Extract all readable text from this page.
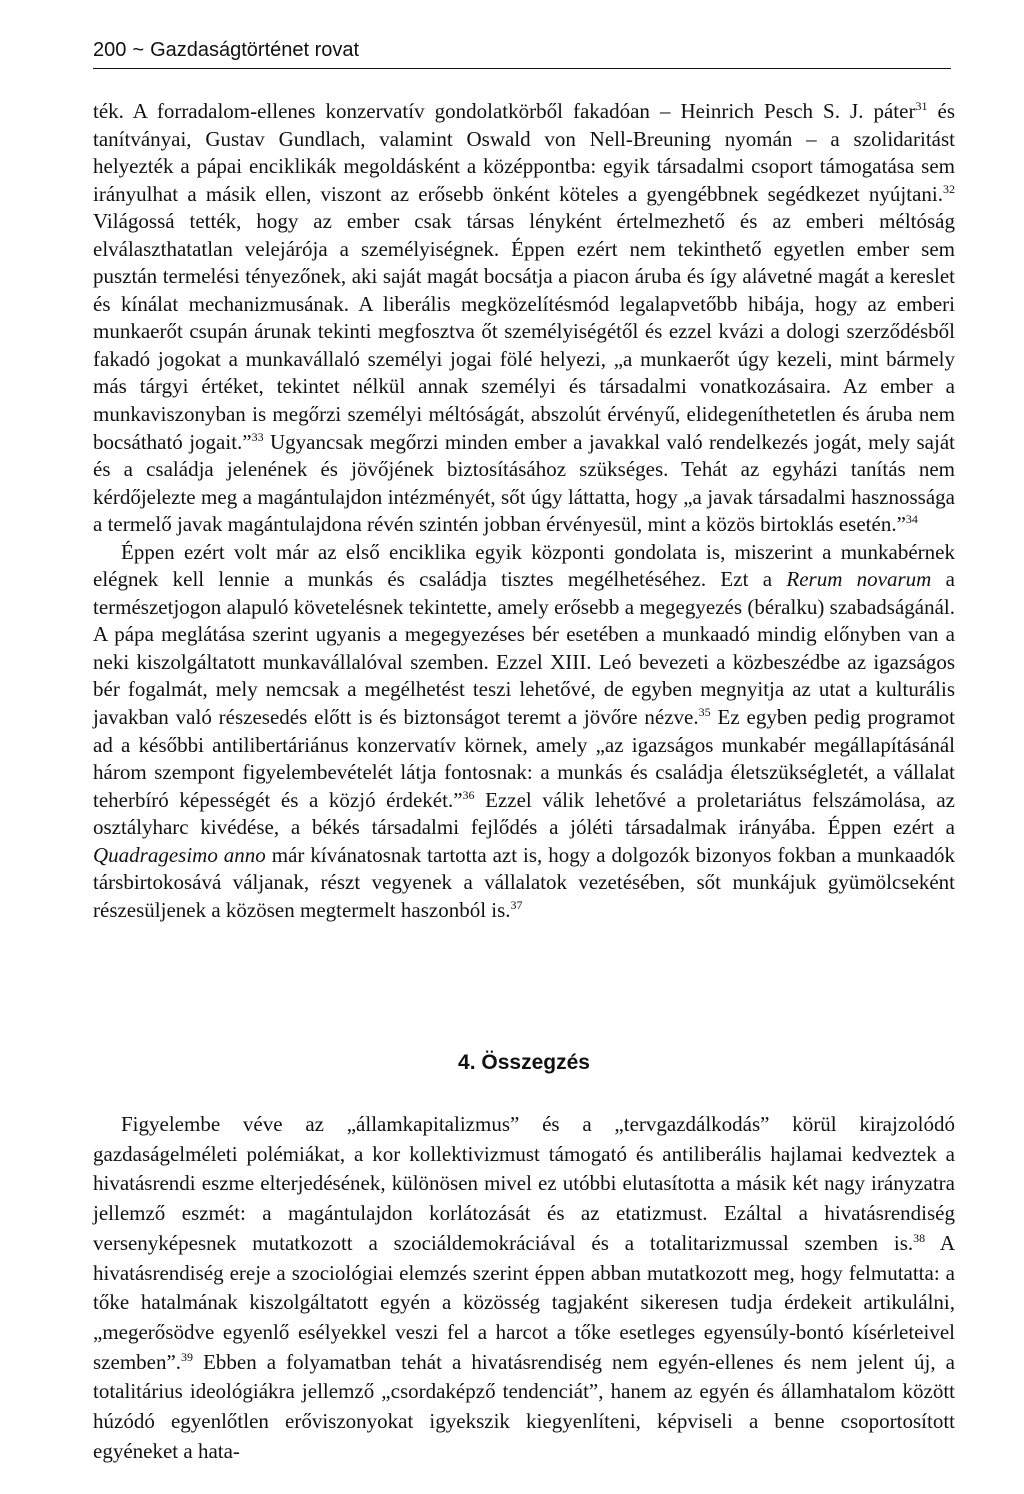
200 ~ Gazdaságtörténet rovat

ték. A forradalom-ellenes konzervatív gondolatkörből fakadóan – Heinrich Pesch S. J. páter$^{31}$ és tanítványai, Gustav Gundlach, valamint Oswald von Nell-Breuning nyomán – a szolidaritást helyezték a pápai enciklikák megoldásként a középpontba: egyik társadalmi csoport támogatása sem irányulhat a másik ellen, viszont az erősebb önként köteles a gyengébbnek segédkezet nyújtani.$^{32}$ Világossá tették, hogy az ember csak társas lényként értelmezhető és az emberi méltóság elválaszthatatlan velejárója a személyiségnek. Éppen ezért nem tekinthető egyetlen ember sem pusztán termelési tényezőnek, aki saját magát bocsátja a piacon áruba és így alávetné magát a kereslet és kínálat mechanizmusának. A liberális megközelítésmód legalapvetőbb hibája, hogy az emberi munkaerőt csupán árunak tekinti megfosztva őt személyiségétől és ezzel kvázi a dologi szerződésből fakadó jogokat a munkavállaló személyi jogai fölé helyezi, „a munkaerőt úgy kezeli, mint bármely más tárgyi értéket, tekintet nélkül annak személyi és társadalmi vonatkozásaira. Az ember a munkaviszonyban is megőrzi személyi méltóságát, abszolút érvényű, elidegeníthetetlen és áruba nem bocsátható jogait.”$^{33}$ Ugyancsak megőrzi minden ember a javakkal való rendelkezés jogát, mely saját és a családja jelenének és jövőjének biztosításához szükséges. Tehát az egyházi tanítás nem kérdőjelezte meg a magántulajdon intézményét, sőt úgy láttatta, hogy „a javak társadalmi hasznossága a termelő javak magántulajdona révén szintén jobban érvényesül, mint a közös birtoklás esetén.”$^{34}$

Éppen ezért volt már az első enciklika egyik központi gondolata is, miszerint a munkabérnek elégnek kell lennie a munkás és családja tisztes megélhetéséhez. Ezt a Rerum novarum a természetjogon alapuló követelésnek tekintette, amely erősebb a megegyezés (béralku) szabadságánál. A pápa meglátása szerint ugyanis a megegyezéses bér esetében a munkaadó mindig előnyben van a neki kiszolgáltatott munkavállalóval szemben. Ezzel XIII. Leó bevezeti a közbeszédbe az igazságos bér fogalmát, mely nemcsak a megélhetést teszi lehetővé, de egyben megnyitja az utat a kulturális javakban való részesedés előtt is és biztonságot teremt a jövőre nézve.$^{35}$ Ez egyben pedig programot ad a későbbi antilibertáriánus konzervatív körnek, amely „az igazságos munkabér megállapításánál három szempont figyelembevételét látja fontosnak: a munkás és családja életszükségletét, a vállalat teherbíró képességét és a közjó érdekét.”$^{36}$ Ezzel válik lehetővé a proletariátus felszámolása, az osztályharc kivédése, a békés társadalmi fejlődés a jóléti társadalmak irányába. Éppen ezért a Quadragesimo anno már kívánatosnak tartotta azt is, hogy a dolgozók bizonyos fokban a munkaadók társbirtokosává váljanak, részt vegyenek a vállalatok vezetésében, sőt munkájuk gyümölcseként részesüljenek a közösen megtermelt haszonból is.$^{37}$

4. Összegzés

Figyelembe véve az „államkapitalizmus” és a „tervgazdálkodás” körül kirajzolódó gazdaságelméleti polémiákat, a kor kollektivizmust támogató és antiliberális hajlamai kedveztek a hivatásrendi eszme elterjedésének, különösen mivel ez utóbbi elutasította a másik két nagy irányzatra jellemző eszmét: a magántulajdon korlátozását és az etatizmust. Ezáltal a hivatásrendiség versenyképesnek mutatkozott a szociáldemokráciával és a totalitarizmussal szemben is.$^{38}$ A hivatásrendiség ereje a szociológiai elemzés szerint éppen abban mutatkozott meg, hogy felmutatta: a tőke hatalmának kiszolgáltatott egyén a közösség tagjaként sikeresen tudja érdekeit artikulálni, „megerősödve egyenlő esélyekkel veszi fel a harcot a tőke esetleges egyensúly-bontó kísérleteivel szemben”.$^{39}$ Ebben a folyamatban tehát a hivatásrendiség nem egyén-ellenes és nem jelent új, a totalitárius ideológiákra jellemző „csordaképző tendenciát”, hanem az egyén és államhatalom között húzódó egyenlőtlen erőviszonyokat igyekszik kiegyenlíteni, képviseli a benne csoportosított egyéneket a hata-
